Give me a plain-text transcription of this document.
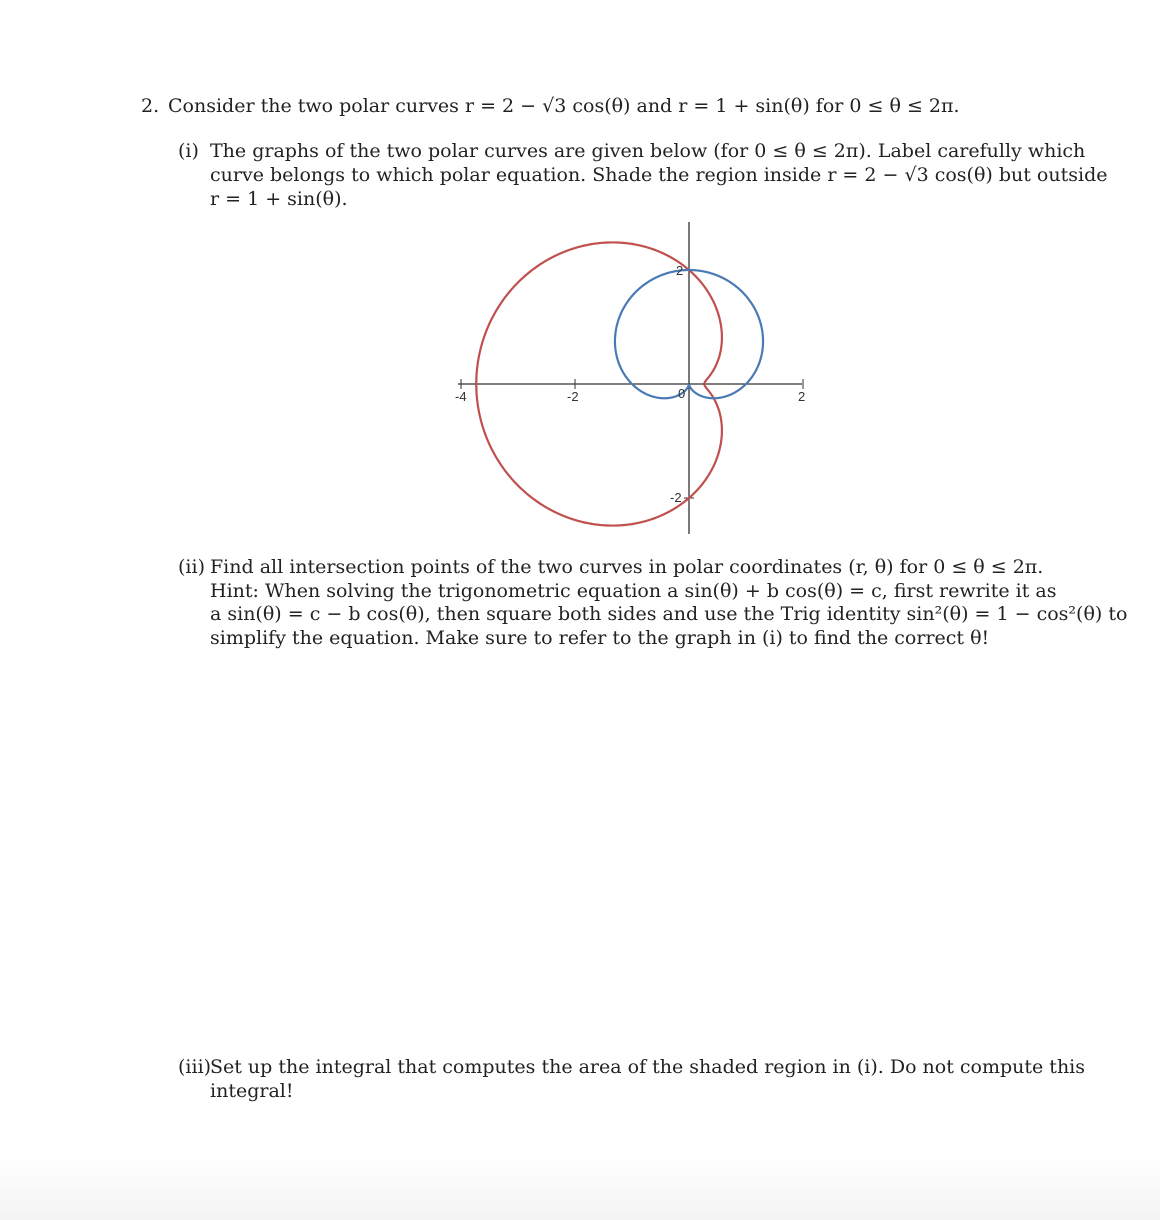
2. Consider the two polar curves r = 2 − √3 cos(θ) and r = 1 + sin(θ) for 0 ≤ θ ≤ 2π.
(i) The graphs of the two polar curves are given below (for 0 ≤ θ ≤ 2π). Label carefully which
curve belongs to which polar equation. Shade the region inside r = 2 − √3 cos(θ) but outside
r = 1 + sin(θ).
-4	-2	2
2
-2
0
(ii) Find all intersection points of the two curves in polar coordinates (r, θ) for 0 ≤ θ ≤ 2π.
Hint: When solving the trigonometric equation a sin(θ) + b cos(θ) = c, first rewrite it as
a sin(θ) = c − b cos(θ), then square both sides and use the Trig identity sin²(θ) = 1 − cos²(θ) to
simplify the equation. Make sure to refer to the graph in (i) to find the correct θ!
(iii)
Set up the integral that computes the area of the shaded region in (i). Do not compute this
integral!
